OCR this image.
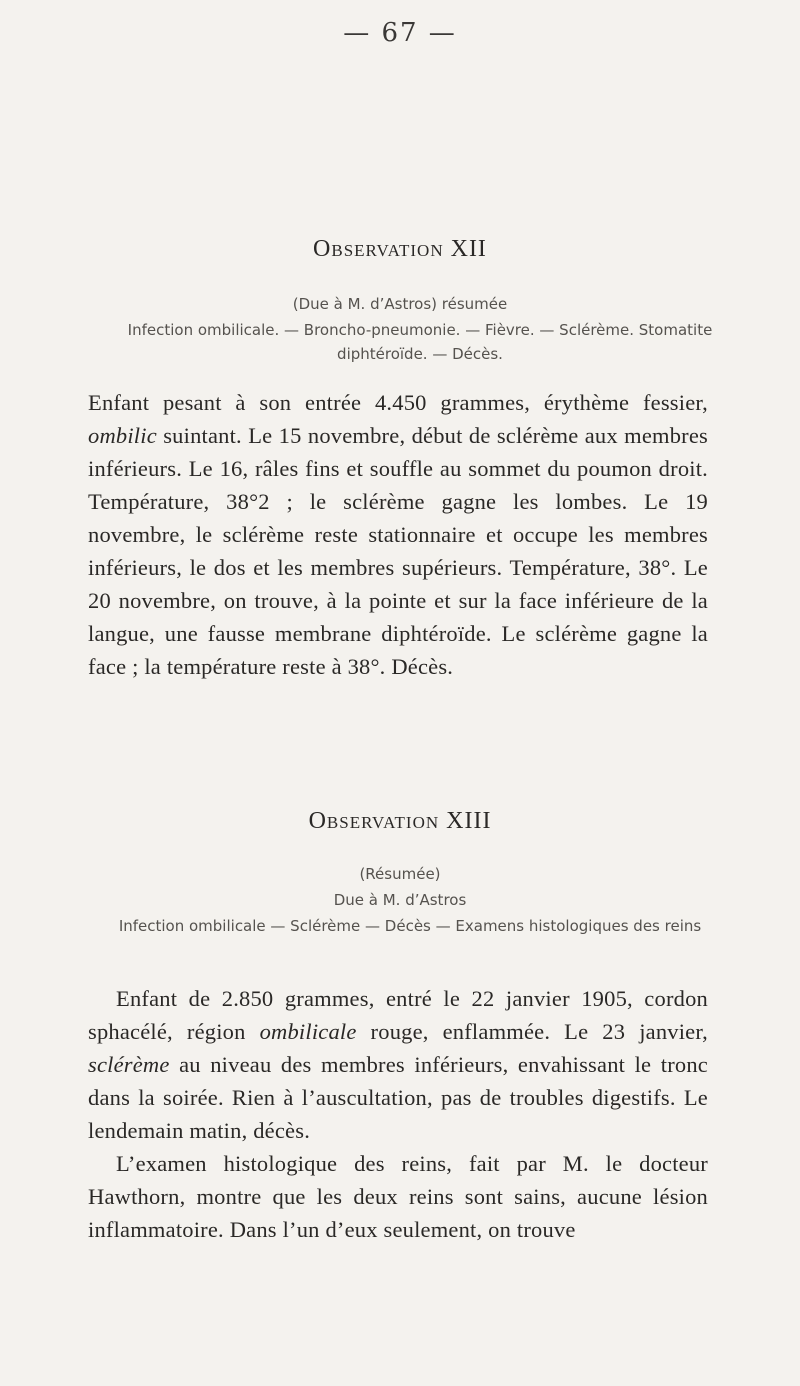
— 67 —
Observation XII
(Due à M. d’Astros) résumée
Infection ombilicale. — Broncho-pneumonie. — Fièvre. — Sclérème. Stomatite diphtéroïde. — Décès.

Enfant pesant à son entrée 4.450 grammes, érythème fessier, ombilic suintant. Le 15 novembre, début de sclérème aux membres inférieurs. Le 16, râles fins et souffle au sommet du poumon droit. Température, 38°2 ; le sclérème gagne les lombes. Le 19 novembre, le sclérème reste stationnaire et occupe les membres inférieurs, le dos et les membres supérieurs. Température, 38°. Le 20 novembre, on trouve, à la pointe et sur la face inférieure de la langue, une fausse membrane diphtéroïde. Le sclérème gagne la face ; la température reste à 38°. Décès.

Observation XIII
(Résumée)
Due à M. d’Astros
Infection ombilicale — Sclérème — Décès — Examens histologiques des reins

Enfant de 2.850 grammes, entré le 22 janvier 1905, cordon sphacélé, région ombilicale rouge, enflammée. Le 23 janvier, sclérème au niveau des membres inférieurs, envahissant le tronc dans la soirée. Rien à l’auscultation, pas de troubles digestifs. Le lendemain matin, décès.

L’examen histologique des reins, fait par M. le docteur Hawthorn, montre que les deux reins sont sains, aucune lésion inflammatoire. Dans l’un d’eux seulement, on trouve
